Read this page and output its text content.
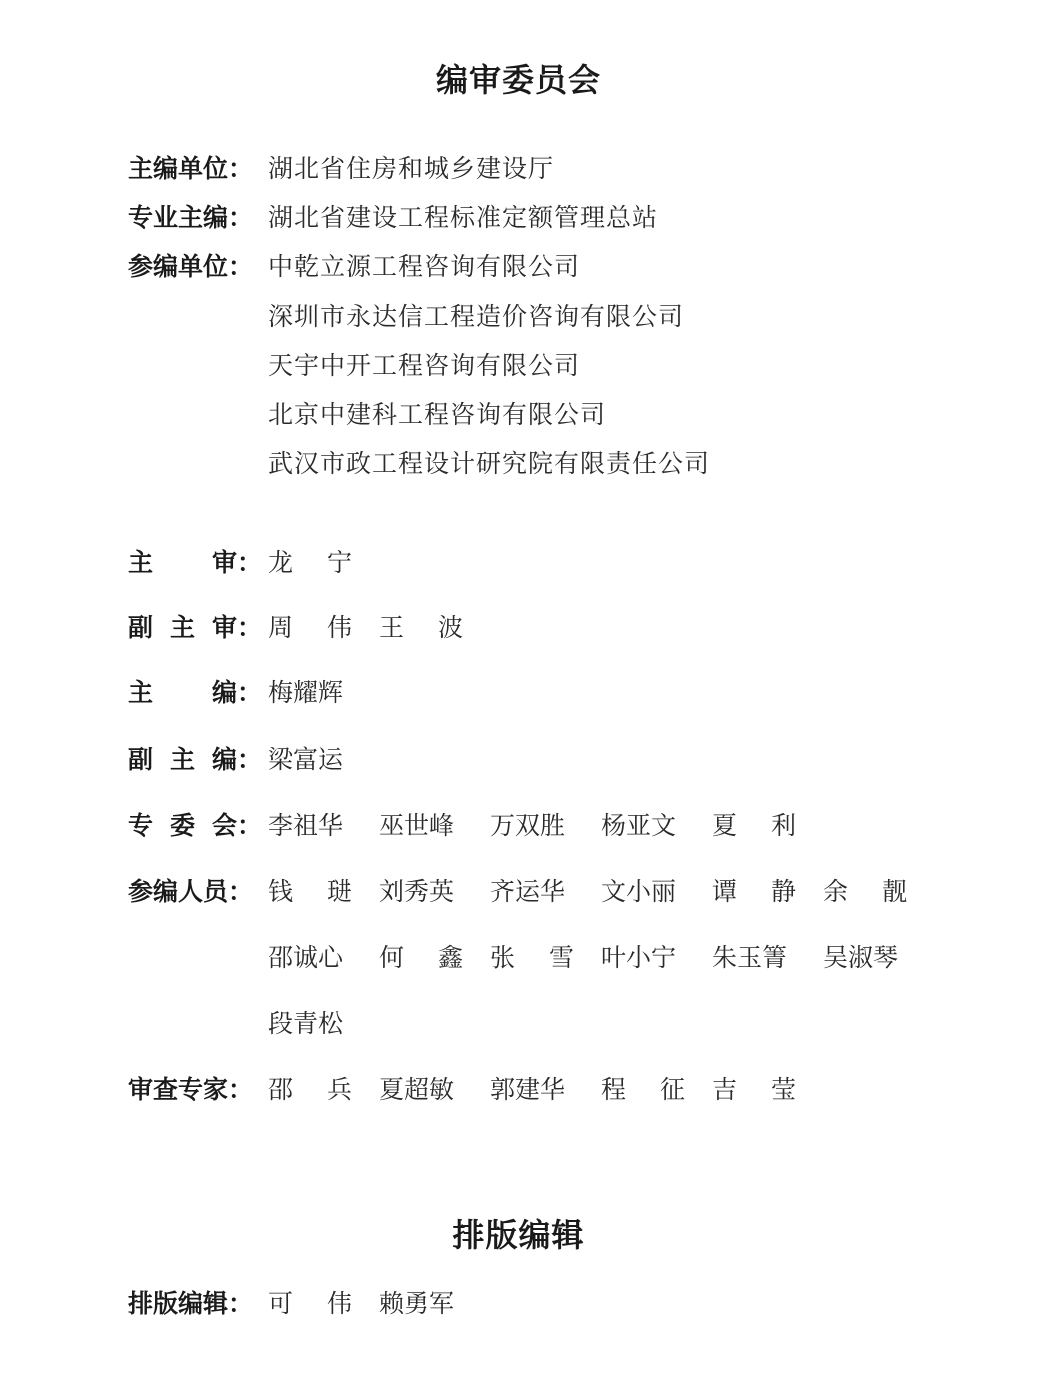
编审委员会
主编单位： 湖北省住房和城乡建设厅
专业主编： 湖北省建设工程标准定额管理总站
参编单位： 中乾立源工程咨询有限公司
深圳市永达信工程造价咨询有限公司
天宇中开工程咨询有限公司
北京中建科工程咨询有限公司
武汉市政工程设计研究院有限责任公司
主 审： 龙 宁
副 主 审： 周 伟 王 波
主 编： 梅耀辉
副 主 编： 梁富运
专 委 会： 李祖华 巫世峰 万双胜 杨亚文 夏 利
参编人员： 钱 琎 刘秀英 齐运华 文小丽 谭 静 余 靓
邵诚心 何 鑫 张 雪 叶小宁 朱玉箐 吴淑琴
段青松
审查专家： 邵 兵 夏超敏 郭建华 程 征 吉 莹
排版编辑
排版编辑： 可 伟 赖勇军
